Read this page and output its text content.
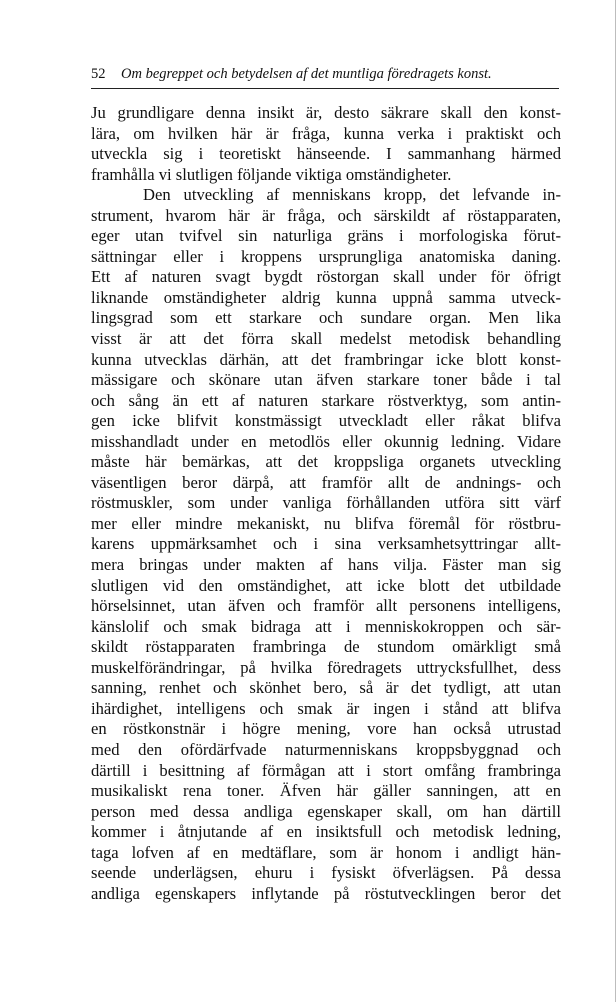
52 Om begreppet och betydelsen af det muntliga föredragets konst.
Ju grundligare denna insikt är, desto säkrare skall den konst-
lära, om hvilken här är fråga, kunna verka i praktiskt och
utveckla sig i teoretiskt hänseende. I sammanhang härmed
framhålla vi slutligen följande viktiga omständigheter.
Den utveckling af menniskans kropp, det lefvande in-
strument, hvarom här är fråga, och särskildt af röstapparaten,
eger utan tvifvel sin naturliga gräns i morfologiska förut-
sättningar eller i kroppens ursprungliga anatomiska daning.
Ett af naturen svagt bygdt röstorgan skall under för öfrigt
liknande omständigheter aldrig kunna uppnå samma utveck-
lingsgrad som ett starkare och sundare organ. Men lika
visst är att det förra skall medelst metodisk behandling
kunna utvecklas därhän, att det frambringar icke blott konst-
mässigare och skönare utan äfven starkare toner både i tal
och sång än ett af naturen starkare röstverktyg, som antin-
gen icke blifvit konstmässigt utveckladt eller råkat blifva
misshandladt under en metodlös eller okunnig ledning. Vidare
måste här bemärkas, att det kroppsliga organets utveckling
väsentligen beror därpå, att framför allt de andnings- och
röstmuskler, som under vanliga förhållanden utföra sitt värf
mer eller mindre mekaniskt, nu blifva föremål för röstbru-
karens uppmärksamhet och i sina verksamhetsyttringar allt-
mera bringas under makten af hans vilja. Fäster man sig
slutligen vid den omständighet, att icke blott det utbildade
hörselsinnet, utan äfven och framför allt personens intelligens,
känslolif och smak bidraga att i menniskokroppen och sär-
skildt röstapparaten frambringa de stundom omärkligt små
muskelförändringar, på hvilka föredragets uttrycksfullhet, dess
sanning, renhet och skönhet bero, så är det tydligt, att utan
ihärdighet, intelligens och smak är ingen i stånd att blifva
en röstkonstnär i högre mening, vore han också utrustad
med den ofördärfvade naturmenniskans kroppsbyggnad och
därtill i besittning af förmågan att i stort omfång frambringa
musikaliskt rena toner. Äfven här gäller sanningen, att en
person med dessa andliga egenskaper skall, om han därtill
kommer i åtnjutande af en insiktsfull och metodisk ledning,
taga lofven af en medtäflare, som är honom i andligt hän-
seende underlägsen, ehuru i fysiskt öfverlägsen. På dessa
andliga egenskapers inflytande på röstutvecklingen beror det
